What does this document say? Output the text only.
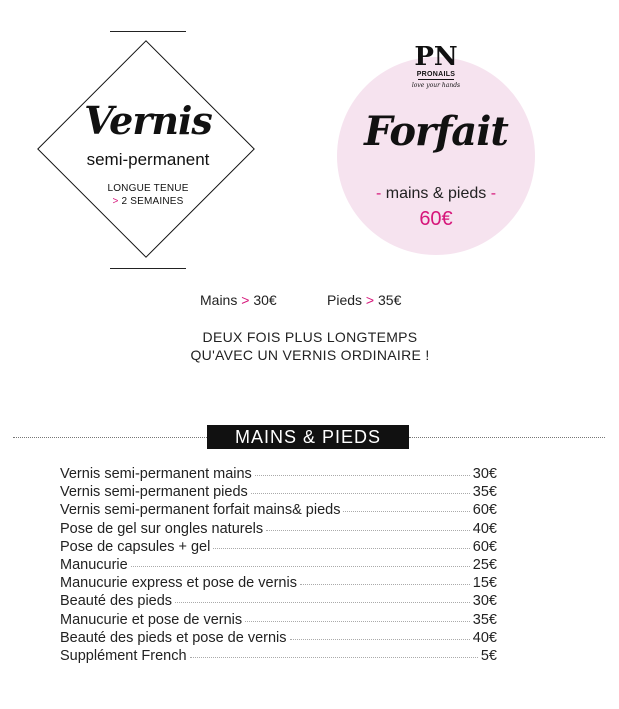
Vernis
semi-permanent
LONGUE TENUE
> 2 SEMAINES
PN
PRONAILS
love your hands
Forfait
- mains & pieds -
60€
Mains > 30€	Pieds > 35€
DEUX FOIS PLUS LONGTEMPS
QU'AVEC UN VERNIS ORDINAIRE !
MAINS & PIEDS
Vernis semi-permanent mains	30€
Vernis semi-permanent pieds	35€
Vernis semi-permanent forfait mains& pieds	60€
Pose de gel sur ongles naturels	40€
Pose de capsules + gel	60€
Manucurie	25€
Manucurie express et pose de vernis	15€
Beauté des pieds	30€
Manucurie et pose de vernis	35€
Beauté des pieds et pose de vernis	40€
Supplément French	5€
